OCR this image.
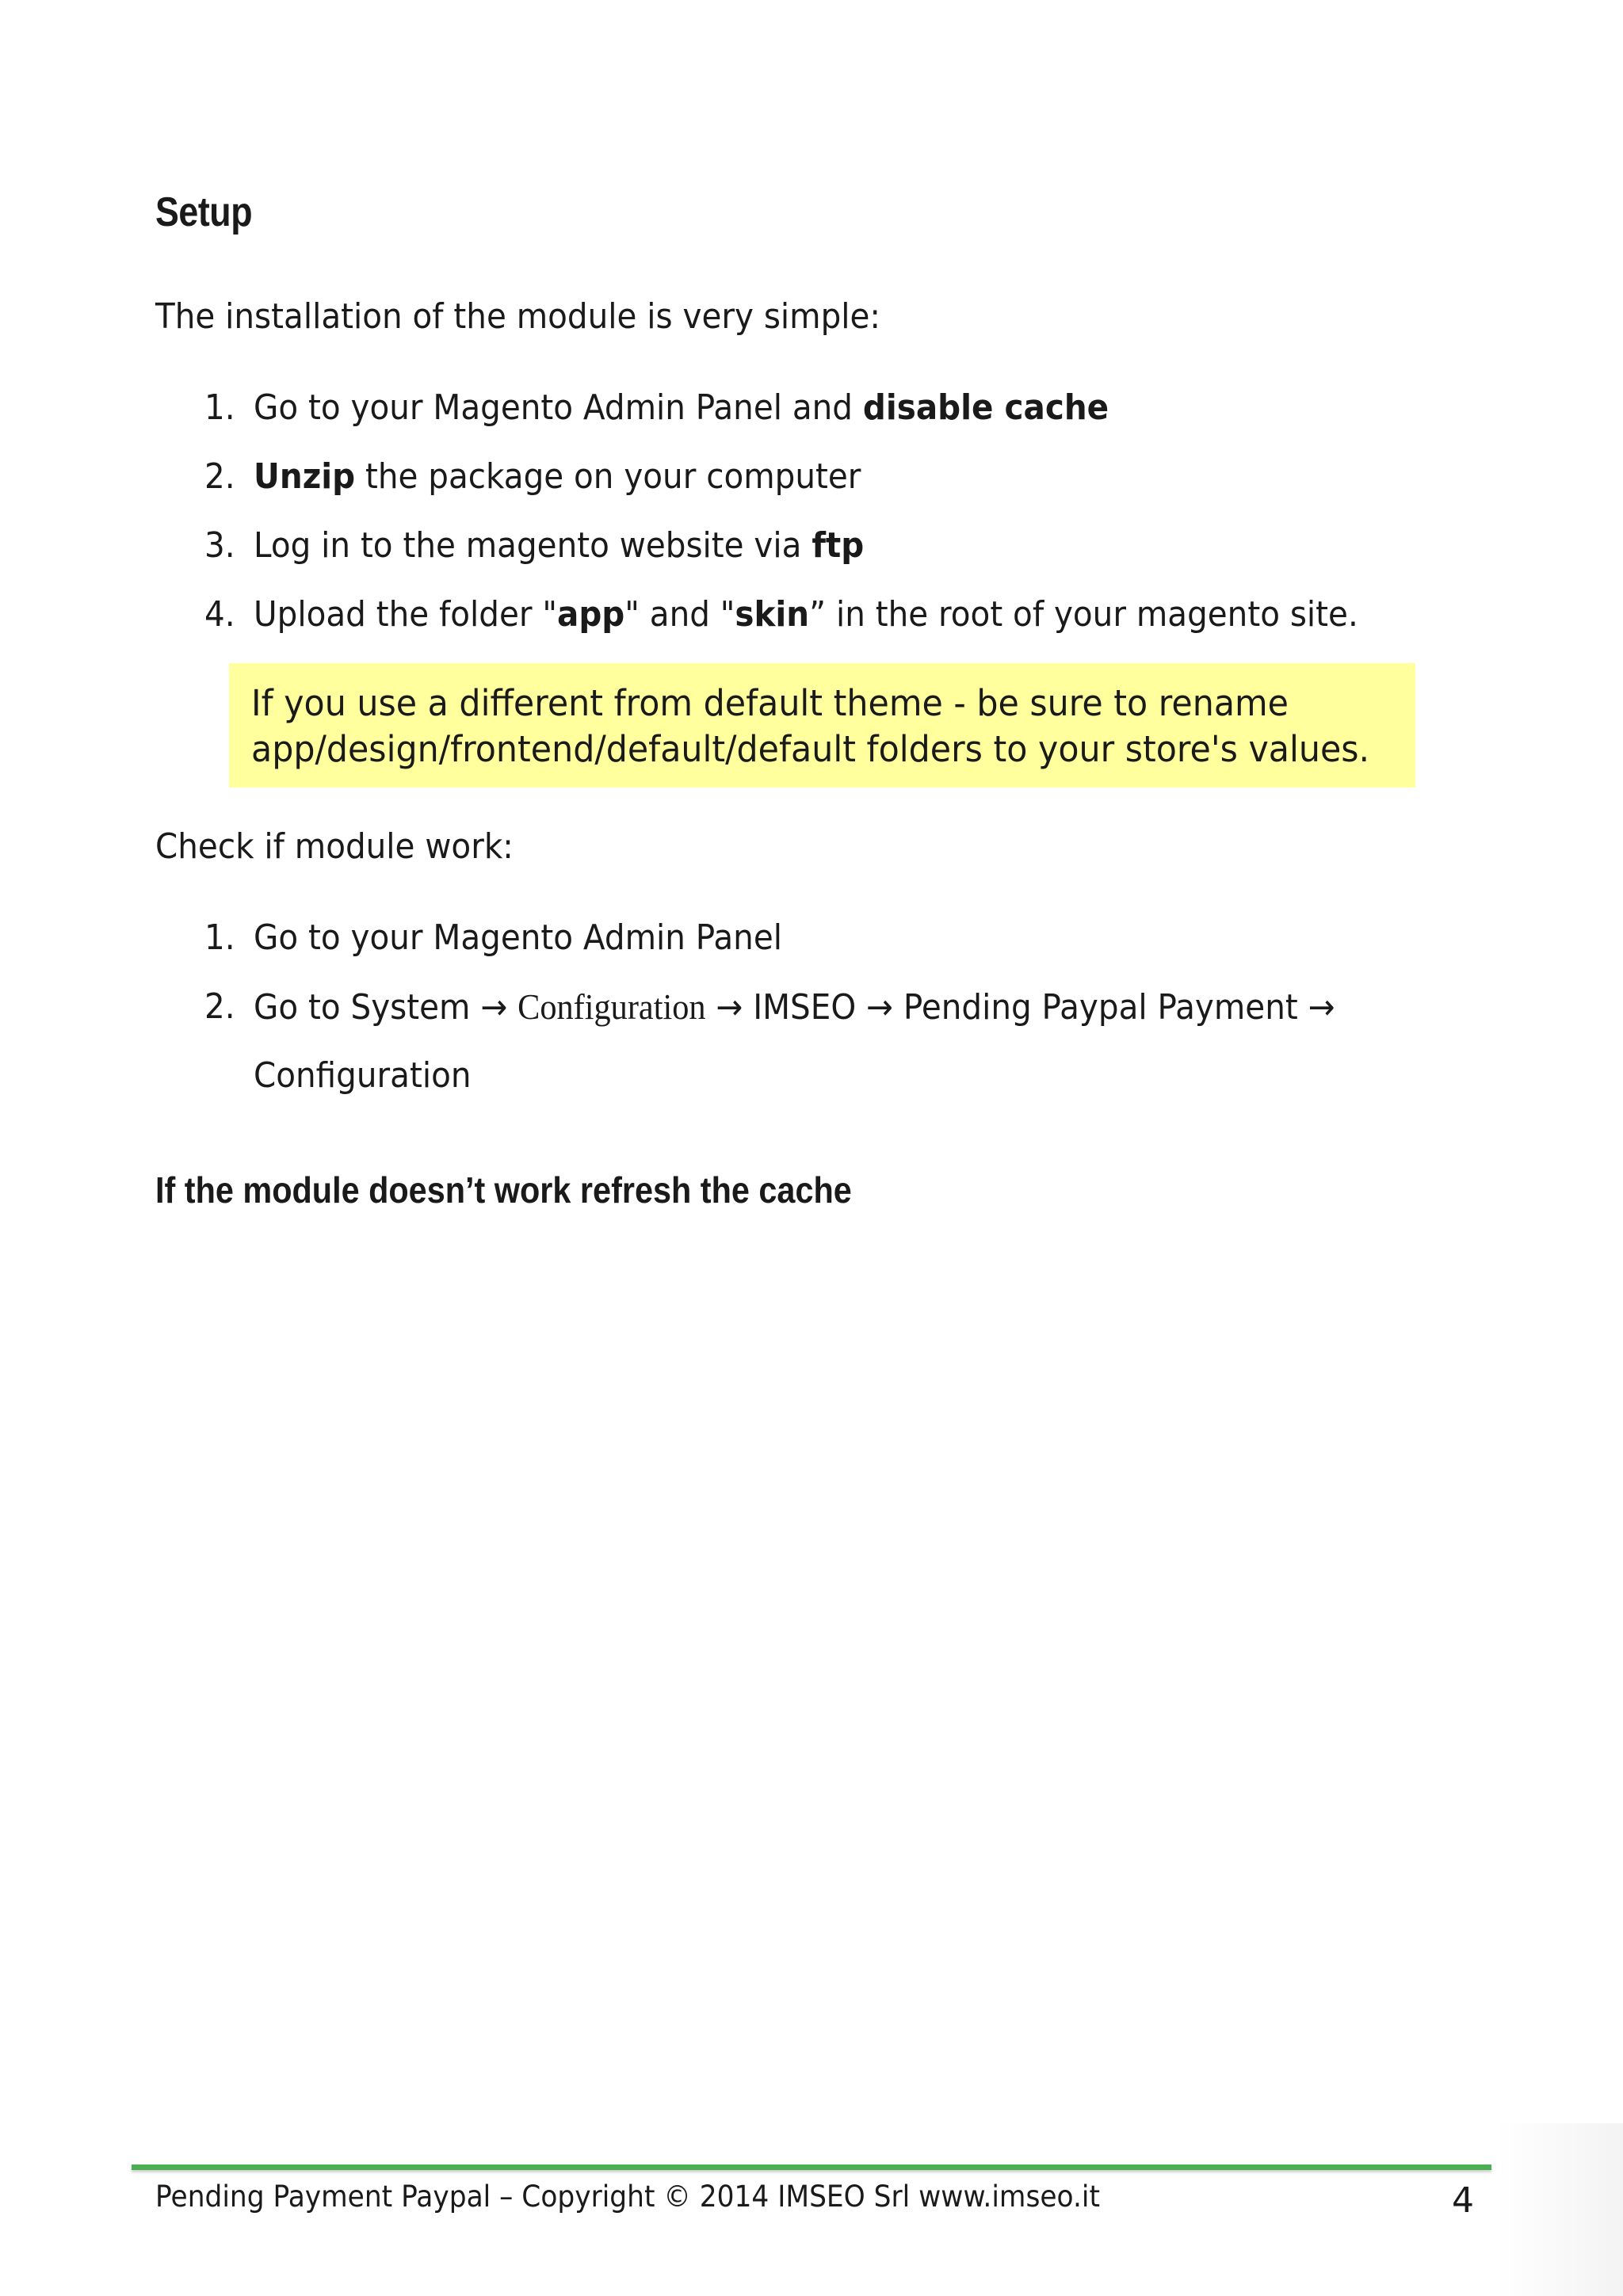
Setup

The installation of the module is very simple:

1. Go to your Magento Admin Panel and disable cache
2. Unzip the package on your computer
3. Log in to the magento website via ftp
4. Upload the folder "app" and "skin” in the root of your magento site.

If you use a different from default theme - be sure to rename
app/design/frontend/default/default folders to your store's values.

Check if module work:

1. Go to your Magento Admin Panel
2. Go to System → Configuration → IMSEO → Pending Paypal Payment →
Configuration

If the module doesn’t work refresh the cache

Pending Payment Paypal – Copyright © 2014 IMSEO Srl www.imseo.it	4
